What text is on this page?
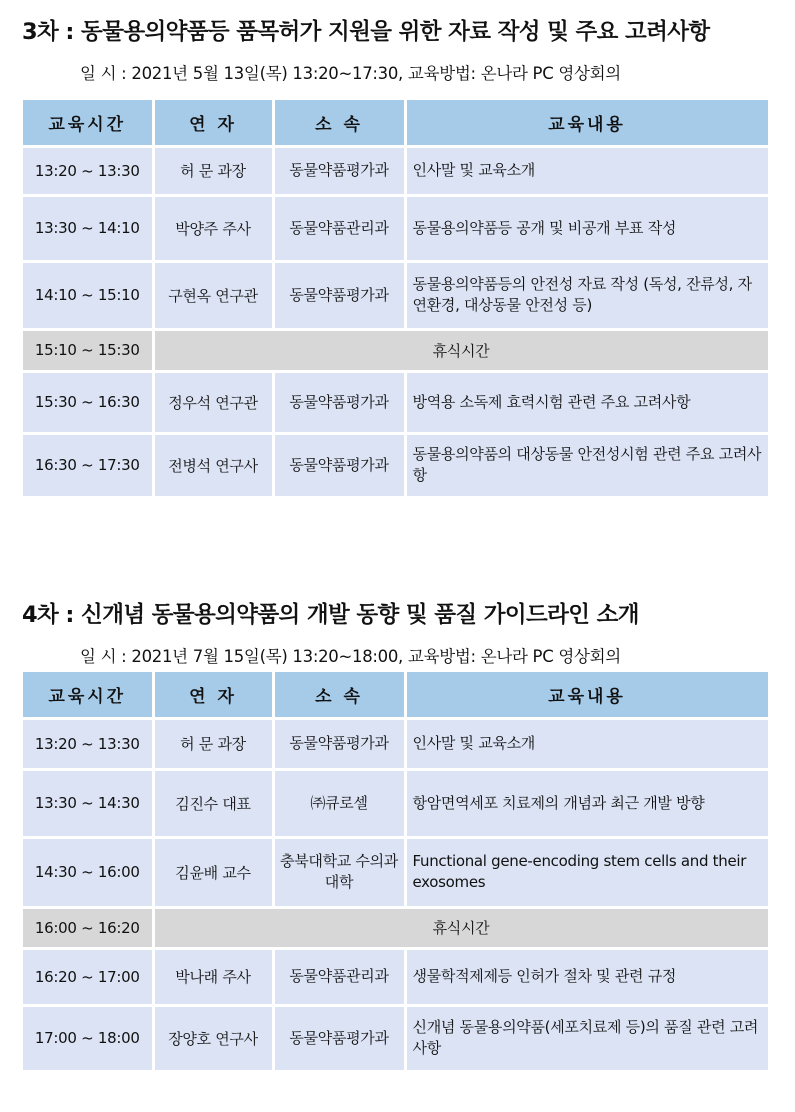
3차 : 동물용의약품등 품목허가 지원을 위한 자료 작성 및 주요 고려사항
일 시 : 2021년 5월 13일(목) 13:20~17:30, 교육방법: 온나라 PC 영상회의
교육시간	연 자	소 속	교육내용
13:20 ~ 13:30	허 문 과장	동물약품평가과	인사말 및 교육소개
13:30 ~ 14:10	박양주 주사	동물약품관리과	동물용의약품등 공개 및 비공개 부표 작성
14:10 ~ 15:10	구현옥 연구관	동물약품평가과	동물용의약품등의 안전성 자료 작성 (독성, 잔류성, 자연환경, 대상동물 안전성 등)
15:10 ~ 15:30	휴식시간		
15:30 ~ 16:30	정우석 연구관	동물약품평가과	방역용 소독제 효력시험 관련 주요 고려사항
16:30 ~ 17:30	전병석 연구사	동물약품평가과	동물용의약품의 대상동물 안전성시험 관련 주요 고려사항
4차 : 신개념 동물용의약품의 개발 동향 및 품질 가이드라인 소개
일 시 : 2021년 7월 15일(목) 13:20~18:00, 교육방법: 온나라 PC 영상회의
교육시간	연 자	소 속	교육내용
13:20 ~ 13:30	허 문 과장	동물약품평가과	인사말 및 교육소개
13:30 ~ 14:30	김진수 대표	㈜큐로셀	항암면역세포 치료제의 개념과 최근 개발 방향
14:30 ~ 16:00	김윤배 교수	충북대학교 수의과대학	Functional gene-encoding stem cells and their exosomes
16:00 ~ 16:20	휴식시간		
16:20 ~ 17:00	박나래 주사	동물약품관리과	생물학적제제등 인허가 절차 및 관련 규정
17:00 ~ 18:00	장양호 연구사	동물약품평가과	신개념 동물용의약품(세포치료제 등)의 품질 관련 고려사항
